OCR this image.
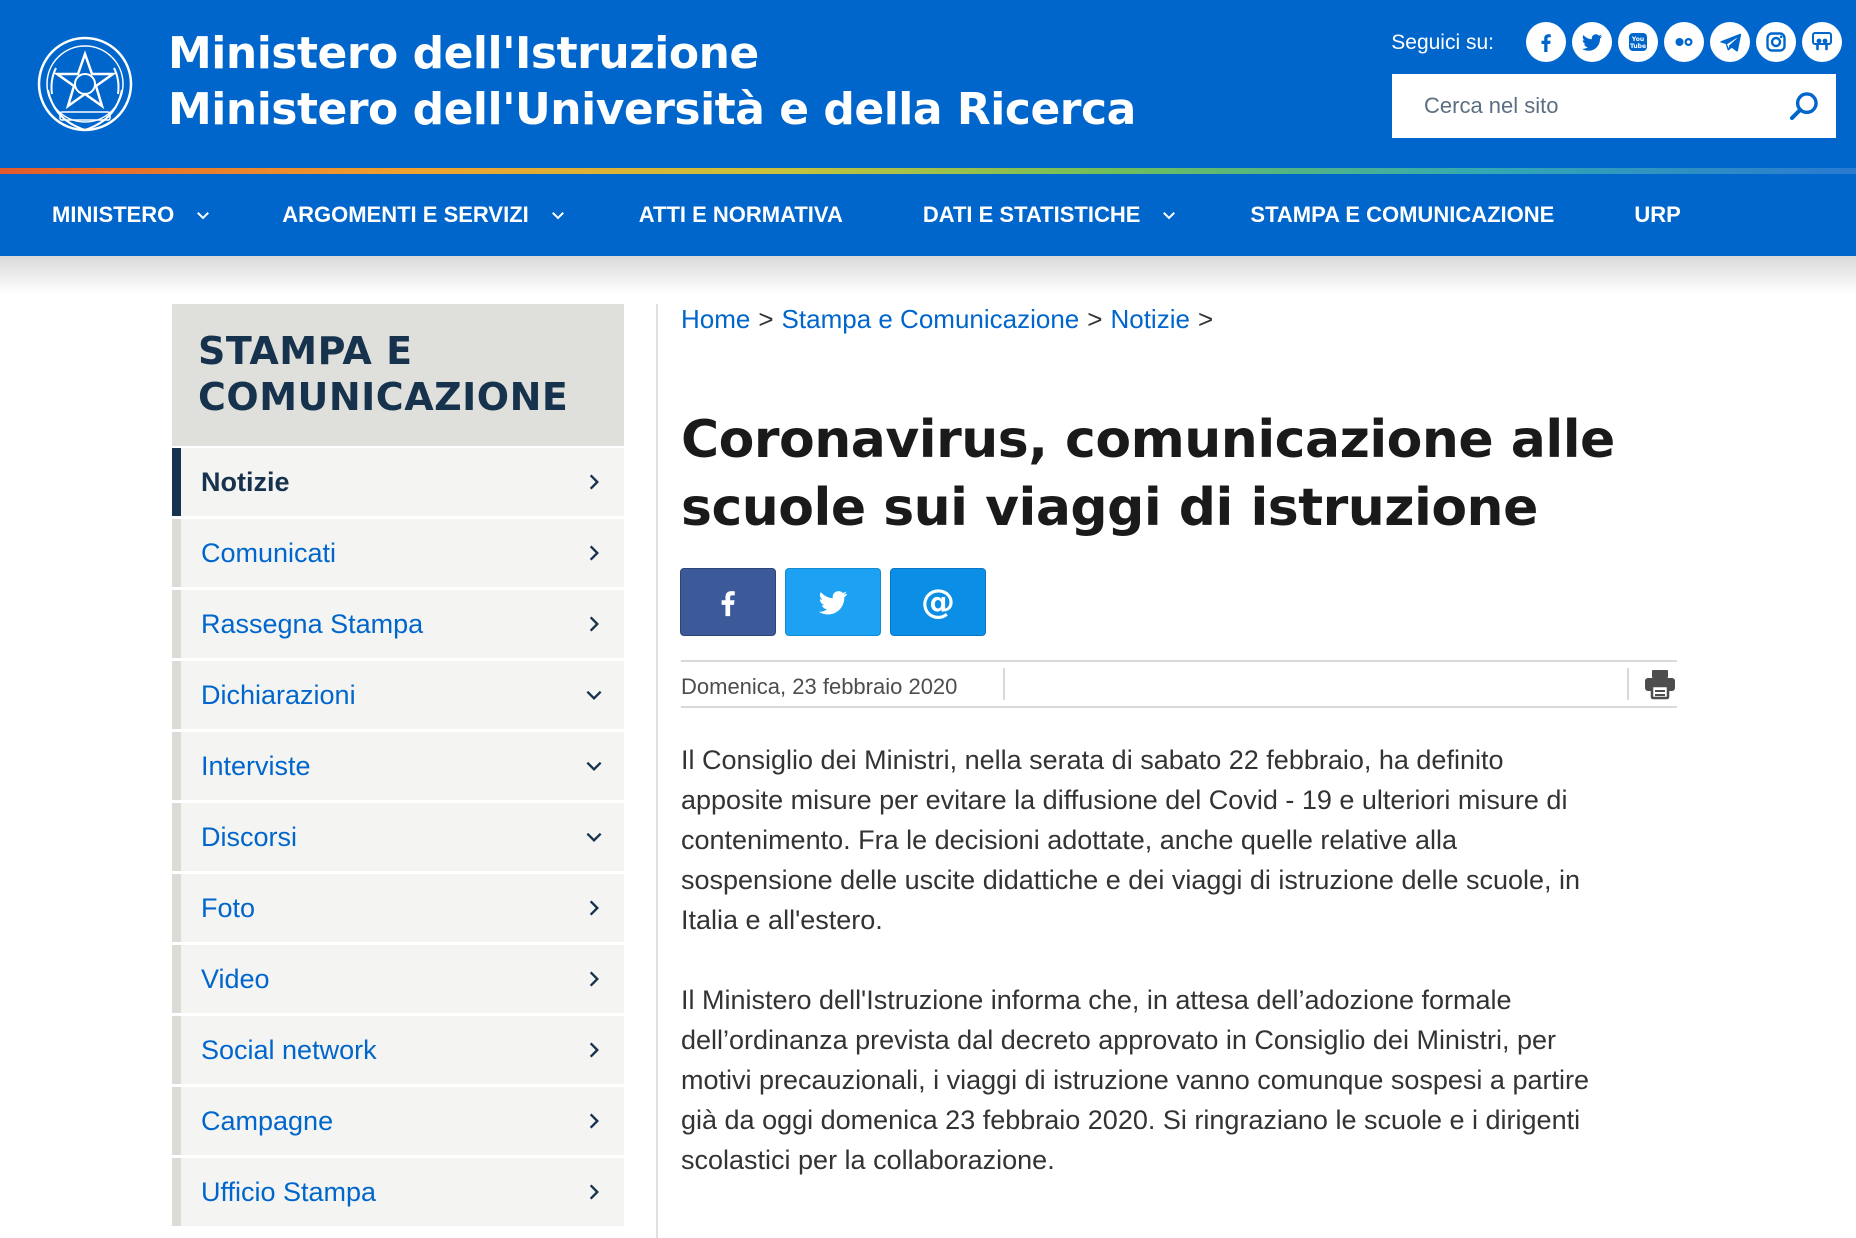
Ministero dell'Istruzione
Ministero dell'Università e della Ricerca
Seguici su:	You
Tube
Cerca nel sito
MINISTERO	ARGOMENTI E SERVIZI	ATTI E NORMATIVA	DATI E STATISTICHE	STAMPA E COMUNICAZIONE	URP
STAMPA E COMUNICAZIONE
Notizie
Comunicati
Rassegna Stampa
Dichiarazioni
Interviste
Discorsi
Foto
Video
Social network
Campagne
Ufficio Stampa
Home > Stampa e Comunicazione > Notizie >
Coronavirus, comunicazione alle scuole sui viaggi di istruzione
@
Domenica, 23 febbraio 2020

Il Consiglio dei Ministri, nella serata di sabato 22 febbraio, ha definito apposite misure per evitare la diffusione del Covid - 19 e ulteriori misure di contenimento. Fra le decisioni adottate, anche quelle relative alla sospensione delle uscite didattiche e dei viaggi di istruzione delle scuole, in Italia e all'estero.

Il Ministero dell'Istruzione informa che, in attesa dell’adozione formale dell’ordinanza prevista dal decreto approvato in Consiglio dei Ministri, per motivi precauzionali, i viaggi di istruzione vanno comunque sospesi a partire già da oggi domenica 23 febbraio 2020. Si ringraziano le scuole e i dirigenti scolastici per la collaborazione.
